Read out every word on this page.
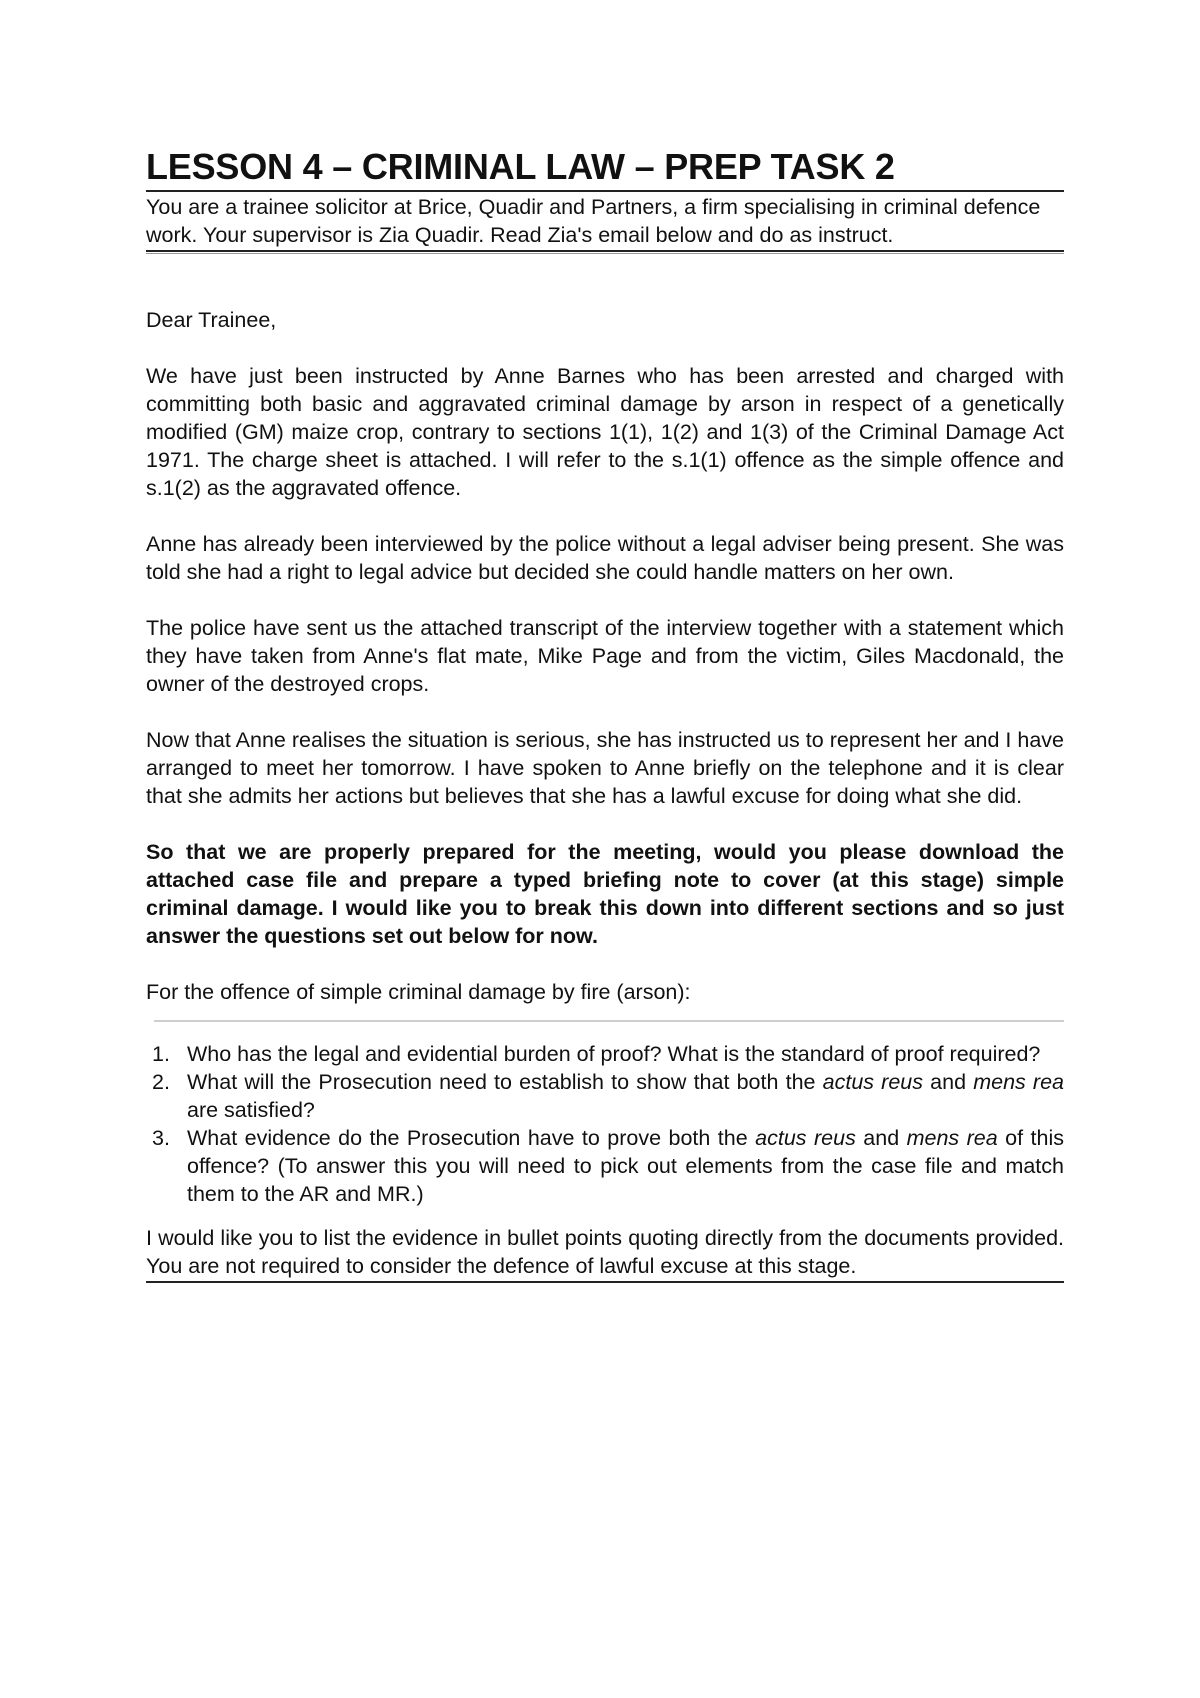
LESSON 4 – CRIMINAL LAW – PREP TASK 2

You are a trainee solicitor at Brice, Quadir and Partners, a firm specialising in criminal defence work. Your supervisor is Zia Quadir. Read Zia's email below and do as instruct.

Dear Trainee,

We have just been instructed by Anne Barnes who has been arrested and charged with committing both basic and aggravated criminal damage by arson in respect of a genetically modified (GM) maize crop, contrary to sections 1(1), 1(2) and 1(3) of the Criminal Damage Act 1971. The charge sheet is attached. I will refer to the s.1(1) offence as the simple offence and s.1(2) as the aggravated offence.

Anne has already been interviewed by the police without a legal adviser being present. She was told she had a right to legal advice but decided she could handle matters on her own.

The police have sent us the attached transcript of the interview together with a statement which they have taken from Anne's flat mate, Mike Page and from the victim, Giles Macdonald, the owner of the destroyed crops.

Now that Anne realises the situation is serious, she has instructed us to represent her and I have arranged to meet her tomorrow. I have spoken to Anne briefly on the telephone and it is clear that she admits her actions but believes that she has a lawful excuse for doing what she did.

So that we are properly prepared for the meeting, would you please download the attached case file and prepare a typed briefing note to cover (at this stage) simple criminal damage. I would like you to break this down into different sections and so just answer the questions set out below for now.

For the offence of simple criminal damage by fire (arson):

1. Who has the legal and evidential burden of proof? What is the standard of proof required?
2. What will the Prosecution need to establish to show that both the actus reus and mens rea are satisfied?
3. What evidence do the Prosecution have to prove both the actus reus and mens rea of this offence? (To answer this you will need to pick out elements from the case file and match them to the AR and MR.)

I would like you to list the evidence in bullet points quoting directly from the documents provided. You are not required to consider the defence of lawful excuse at this stage.
